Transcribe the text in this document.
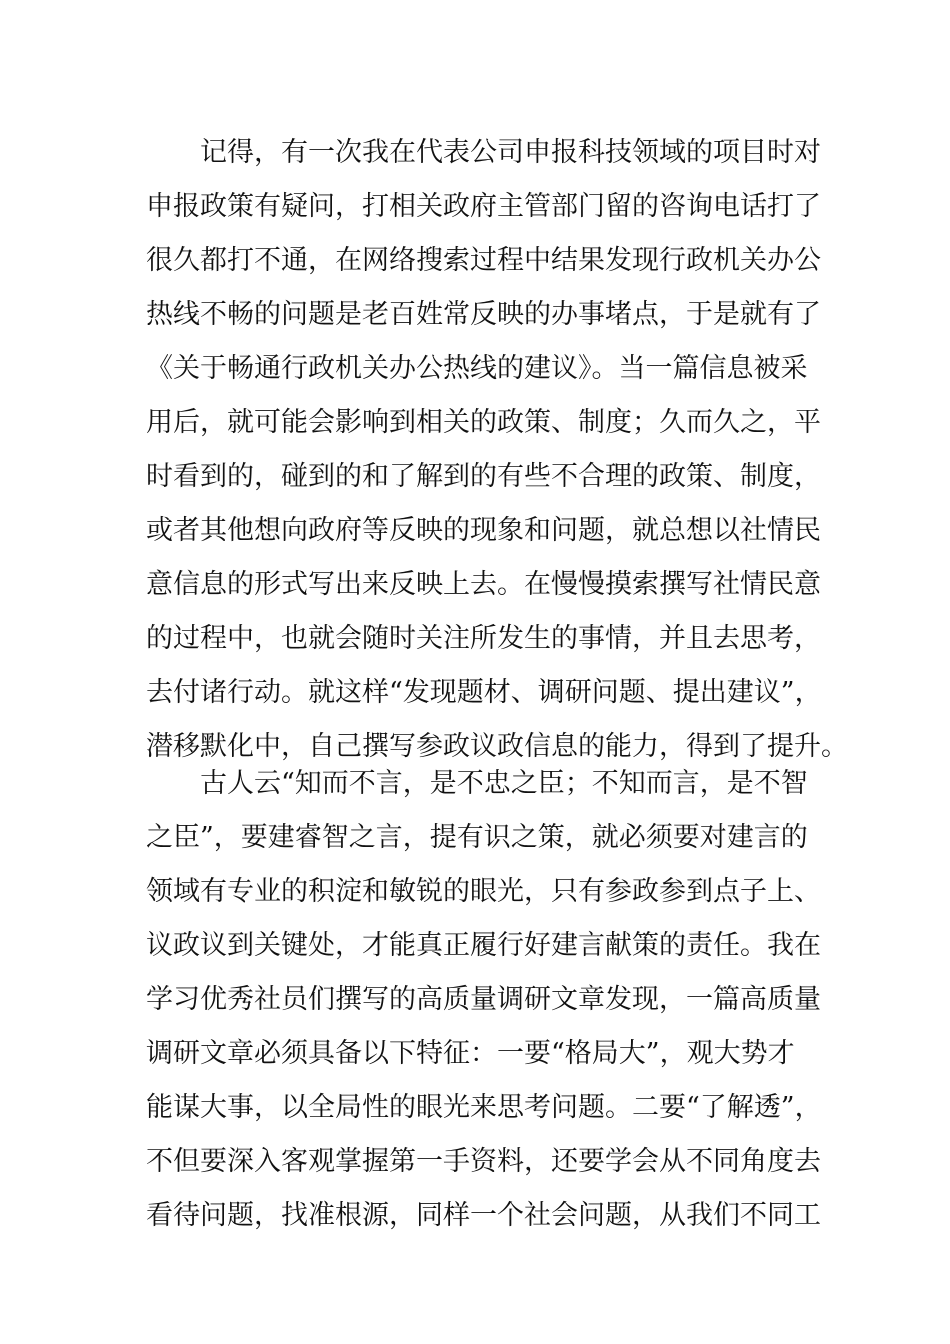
记得，有一次我在代表公司申报科技领域的项目时对
申报政策有疑问，打相关政府主管部门留的咨询电话打了
很久都打不通，在网络搜索过程中结果发现行政机关办公
热线不畅的问题是老百姓常反映的办事堵点，于是就有了
《关于畅通行政机关办公热线的建议》。当一篇信息被采
用后，就可能会影响到相关的政策、制度；久而久之，平
时看到的，碰到的和了解到的有些不合理的政策、制度，
或者其他想向政府等反映的现象和问题，就总想以社情民
意信息的形式写出来反映上去。在慢慢摸索撰写社情民意
的过程中，也就会随时关注所发生的事情，并且去思考，
去付诸行动。就这样“发现题材、调研问题、提出建议”，
潜移默化中，自己撰写参政议政信息的能力，得到了提升。

古人云“知而不言，是不忠之臣；不知而言，是不智
之臣”，要建睿智之言，提有识之策，就必须要对建言的
领域有专业的积淀和敏锐的眼光，只有参政参到点子上、
议政议到关键处，才能真正履行好建言献策的责任。我在
学习优秀社员们撰写的高质量调研文章发现，一篇高质量
调研文章必须具备以下特征：一要“格局大”，观大势才
能谋大事，以全局性的眼光来思考问题。二要“了解透”，
不但要深入客观掌握第一手资料，还要学会从不同角度去
看待问题，找准根源，同样一个社会问题，从我们不同工
